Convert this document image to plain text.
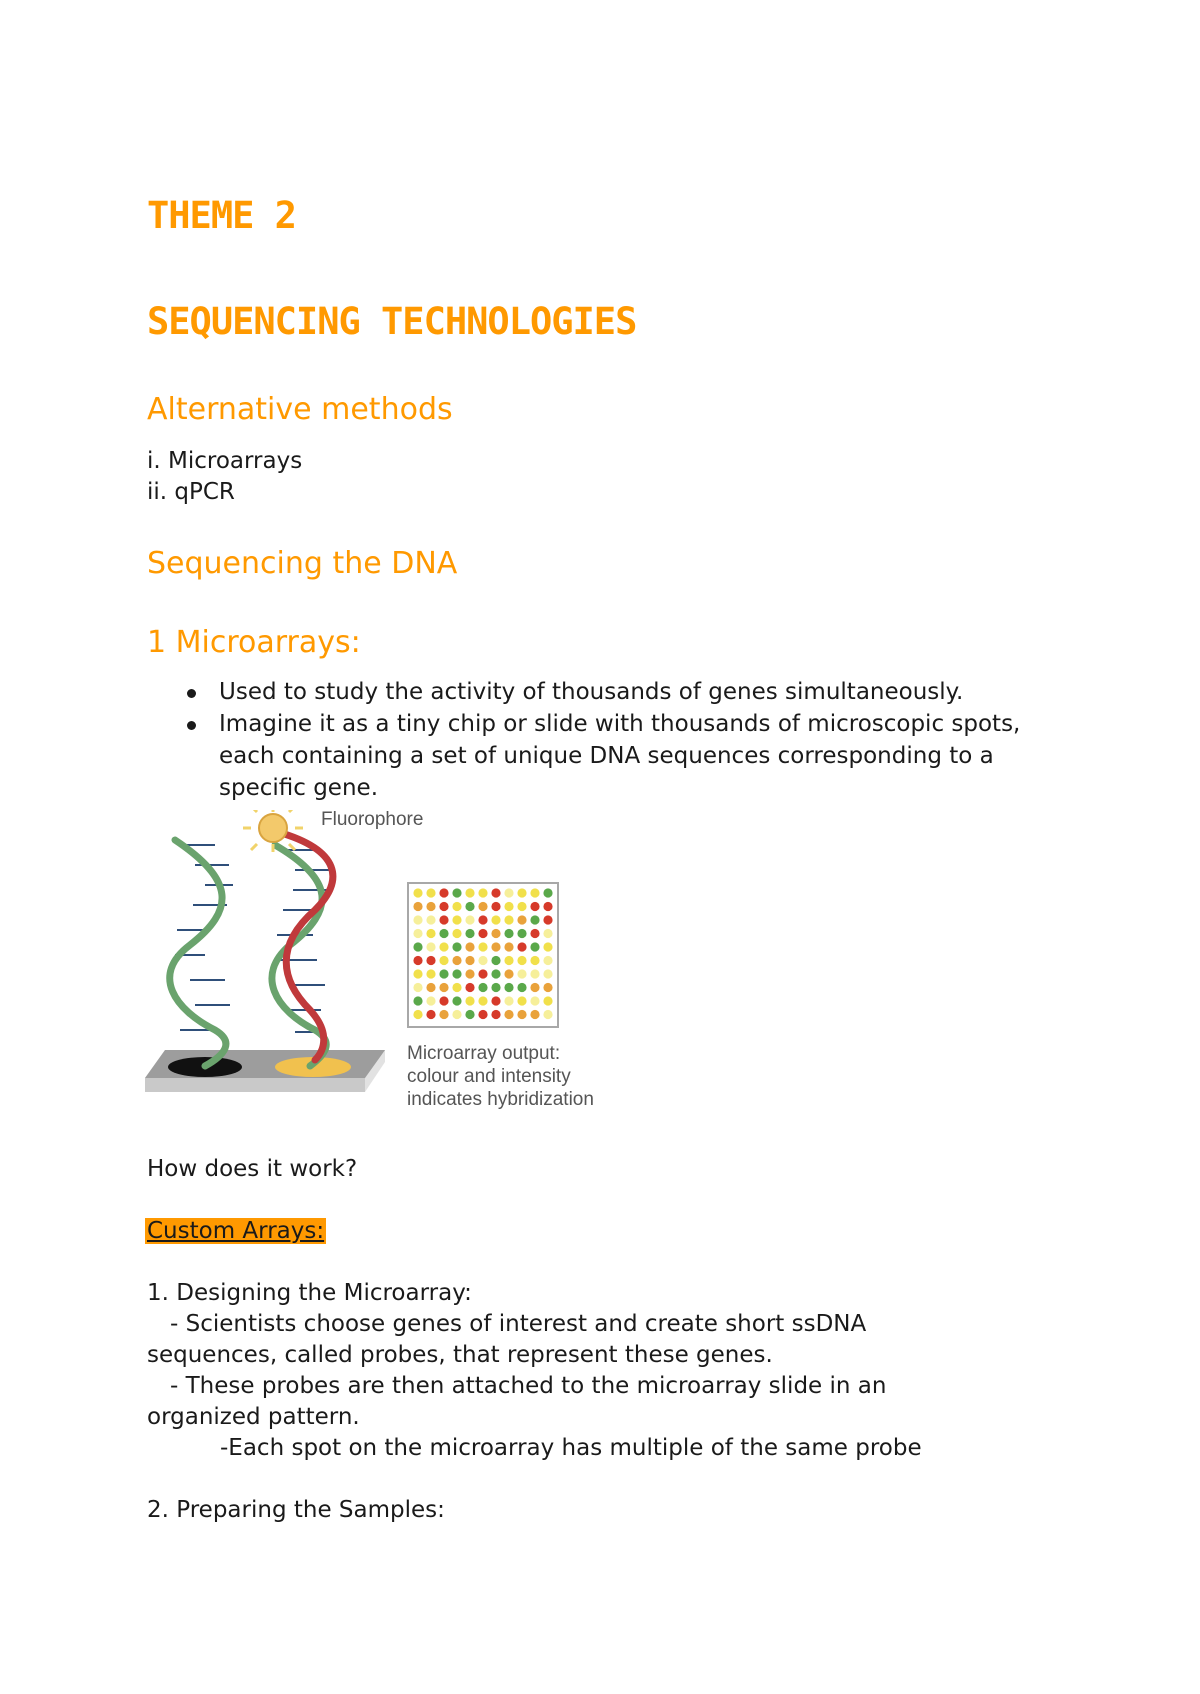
THEME 2
SEQUENCING TECHNOLOGIES
Alternative methods

i. Microarrays

ii. qPCR

Sequencing the DNA
1 Microarrays:
Used to study the activity of thousands of genes simultaneously.
Imagine it as a tiny chip or slide with thousands of microscopic spots, each containing a set of unique DNA sequences corresponding to a specific gene.
Fluorophore
Microarray output:
colour and intensity
indicates hybridization

How does it work?

Custom Arrays:

1. Designing the Microarray:

- Scientists choose genes of interest and create short ssDNA

sequences, called probes, that represent these genes.

- These probes are then attached to the microarray slide in an

organized pattern.

-Each spot on the microarray has multiple of the same probe

2. Preparing the Samples:
